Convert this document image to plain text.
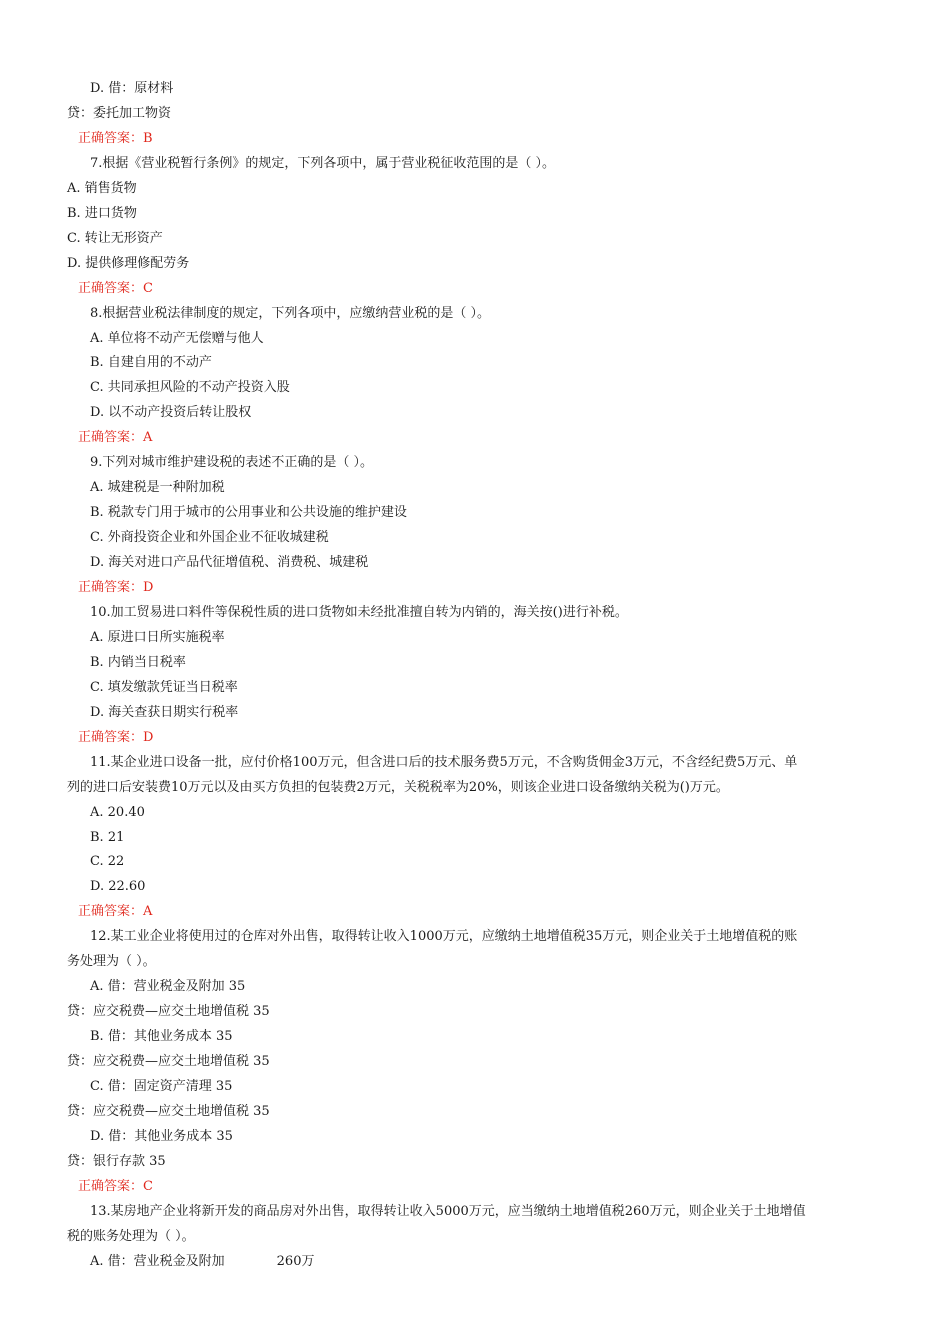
D. 借：原材料
贷：委托加工物资
正确答案：B
7.根据《营业税暂行条例》的规定，下列各项中，属于营业税征收范围的是（ ）。
A. 销售货物
B. 进口货物
C. 转让无形资产
D. 提供修理修配劳务
正确答案：C
8.根据营业税法律制度的规定，下列各项中，应缴纳营业税的是（ ）。
A. 单位将不动产无偿赠与他人
B. 自建自用的不动产
C. 共同承担风险的不动产投资入股
D. 以不动产投资后转让股权
正确答案：A
9.下列对城市维护建设税的表述不正确的是（ ）。
A. 城建税是一种附加税
B. 税款专门用于城市的公用事业和公共设施的维护建设
C. 外商投资企业和外国企业不征收城建税
D. 海关对进口产品代征增值税、消费税、城建税
正确答案：D
10.加工贸易进口料件等保税性质的进口货物如未经批准擅自转为内销的，海关按()进行补税。
A. 原进口日所实施税率
B. 内销当日税率
C. 填发缴款凭证当日税率
D. 海关查获日期实行税率
正确答案：D
11.某企业进口设备一批，应付价格100万元，但含进口后的技术服务费5万元，不含购货佣金3万元，不含经纪费5万元、单
列的进口后安装费10万元以及由买方负担的包装费2万元，关税税率为20%，则该企业进口设备缴纳关税为()万元。
A. 20.40
B. 21
C. 22
D. 22.60
正确答案：A
12.某工业企业将使用过的仓库对外出售，取得转让收入1000万元，应缴纳土地增值税35万元，则企业关于土地增值税的账
务处理为（ ）。
A. 借：营业税金及附加 35
贷：应交税费—应交土地增值税 35
B. 借：其他业务成本 35
贷：应交税费—应交土地增值税 35
C. 借：固定资产清理 35
贷：应交税费—应交土地增值税 35
D. 借：其他业务成本 35
贷：银行存款 35
正确答案：C
13.某房地产企业将新开发的商品房对外出售，取得转让收入5000万元，应当缴纳土地增值税260万元，则企业关于土地增值
税的账务处理为（ ）。
A. 借：营业税金及附加　　　　260万
